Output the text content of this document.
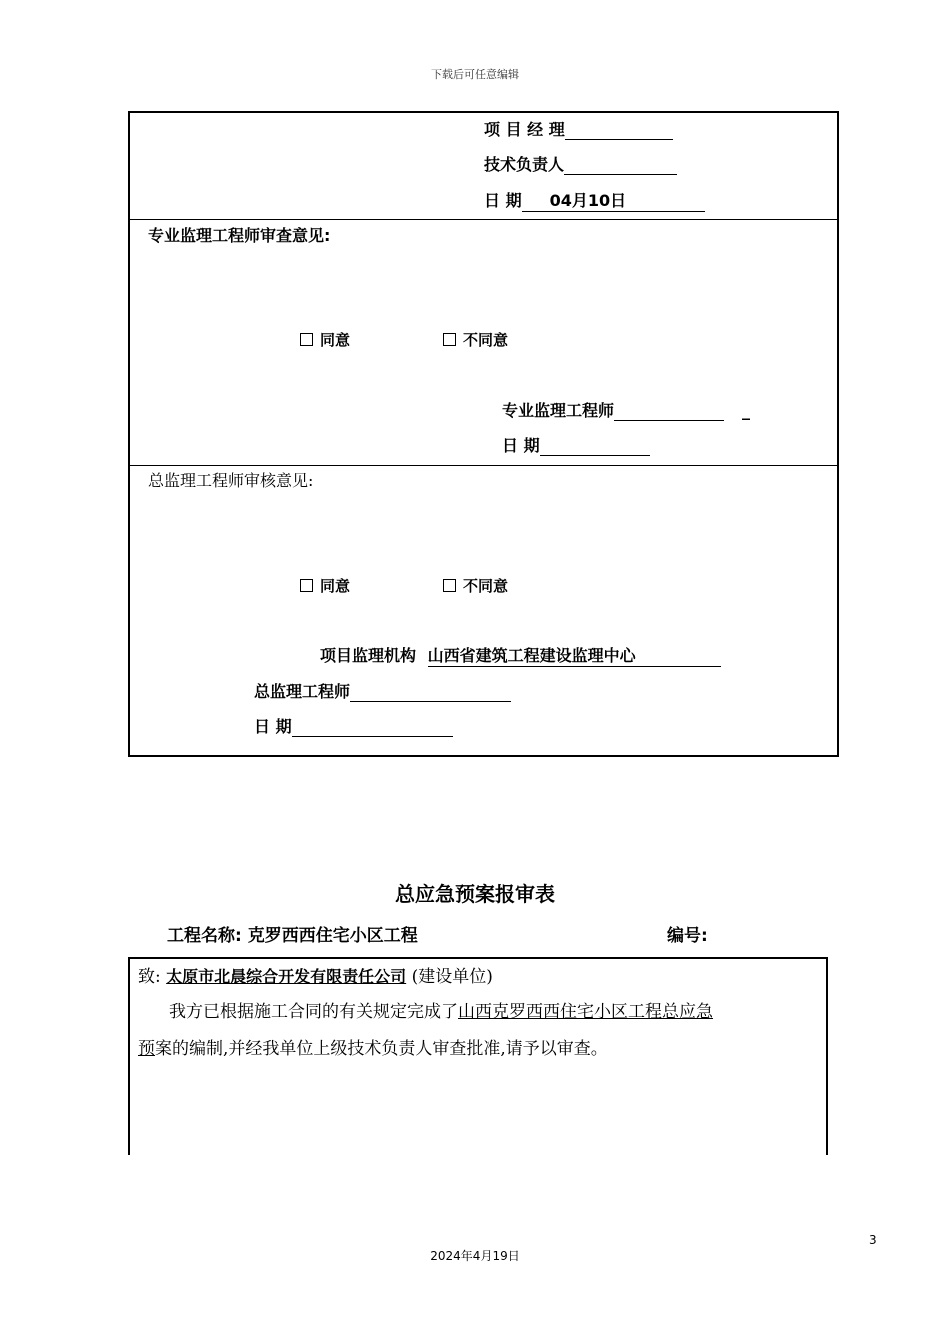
下载后可任意编辑
项 目 经 理
技术负责人
日 期 04月10日
专业监理工程师审查意见:
同意	不同意
专业监理工程师	_
日 期
总监理工程师审核意见:
同意	不同意
项目监理机构 山西省建筑工程建设监理中心
总监理工程师
日 期
总应急预案报审表
工程名称: 克罗西西住宅小区工程	编号:
致: 太原市北晨综合开发有限责任公司 (建设单位)
我方已根据施工合同的有关规定完成了山西克罗西西住宅小区工程总应急
预案的编制,并经我单位上级技术负责人审查批准,请予以审查。
3
2024年4月19日
